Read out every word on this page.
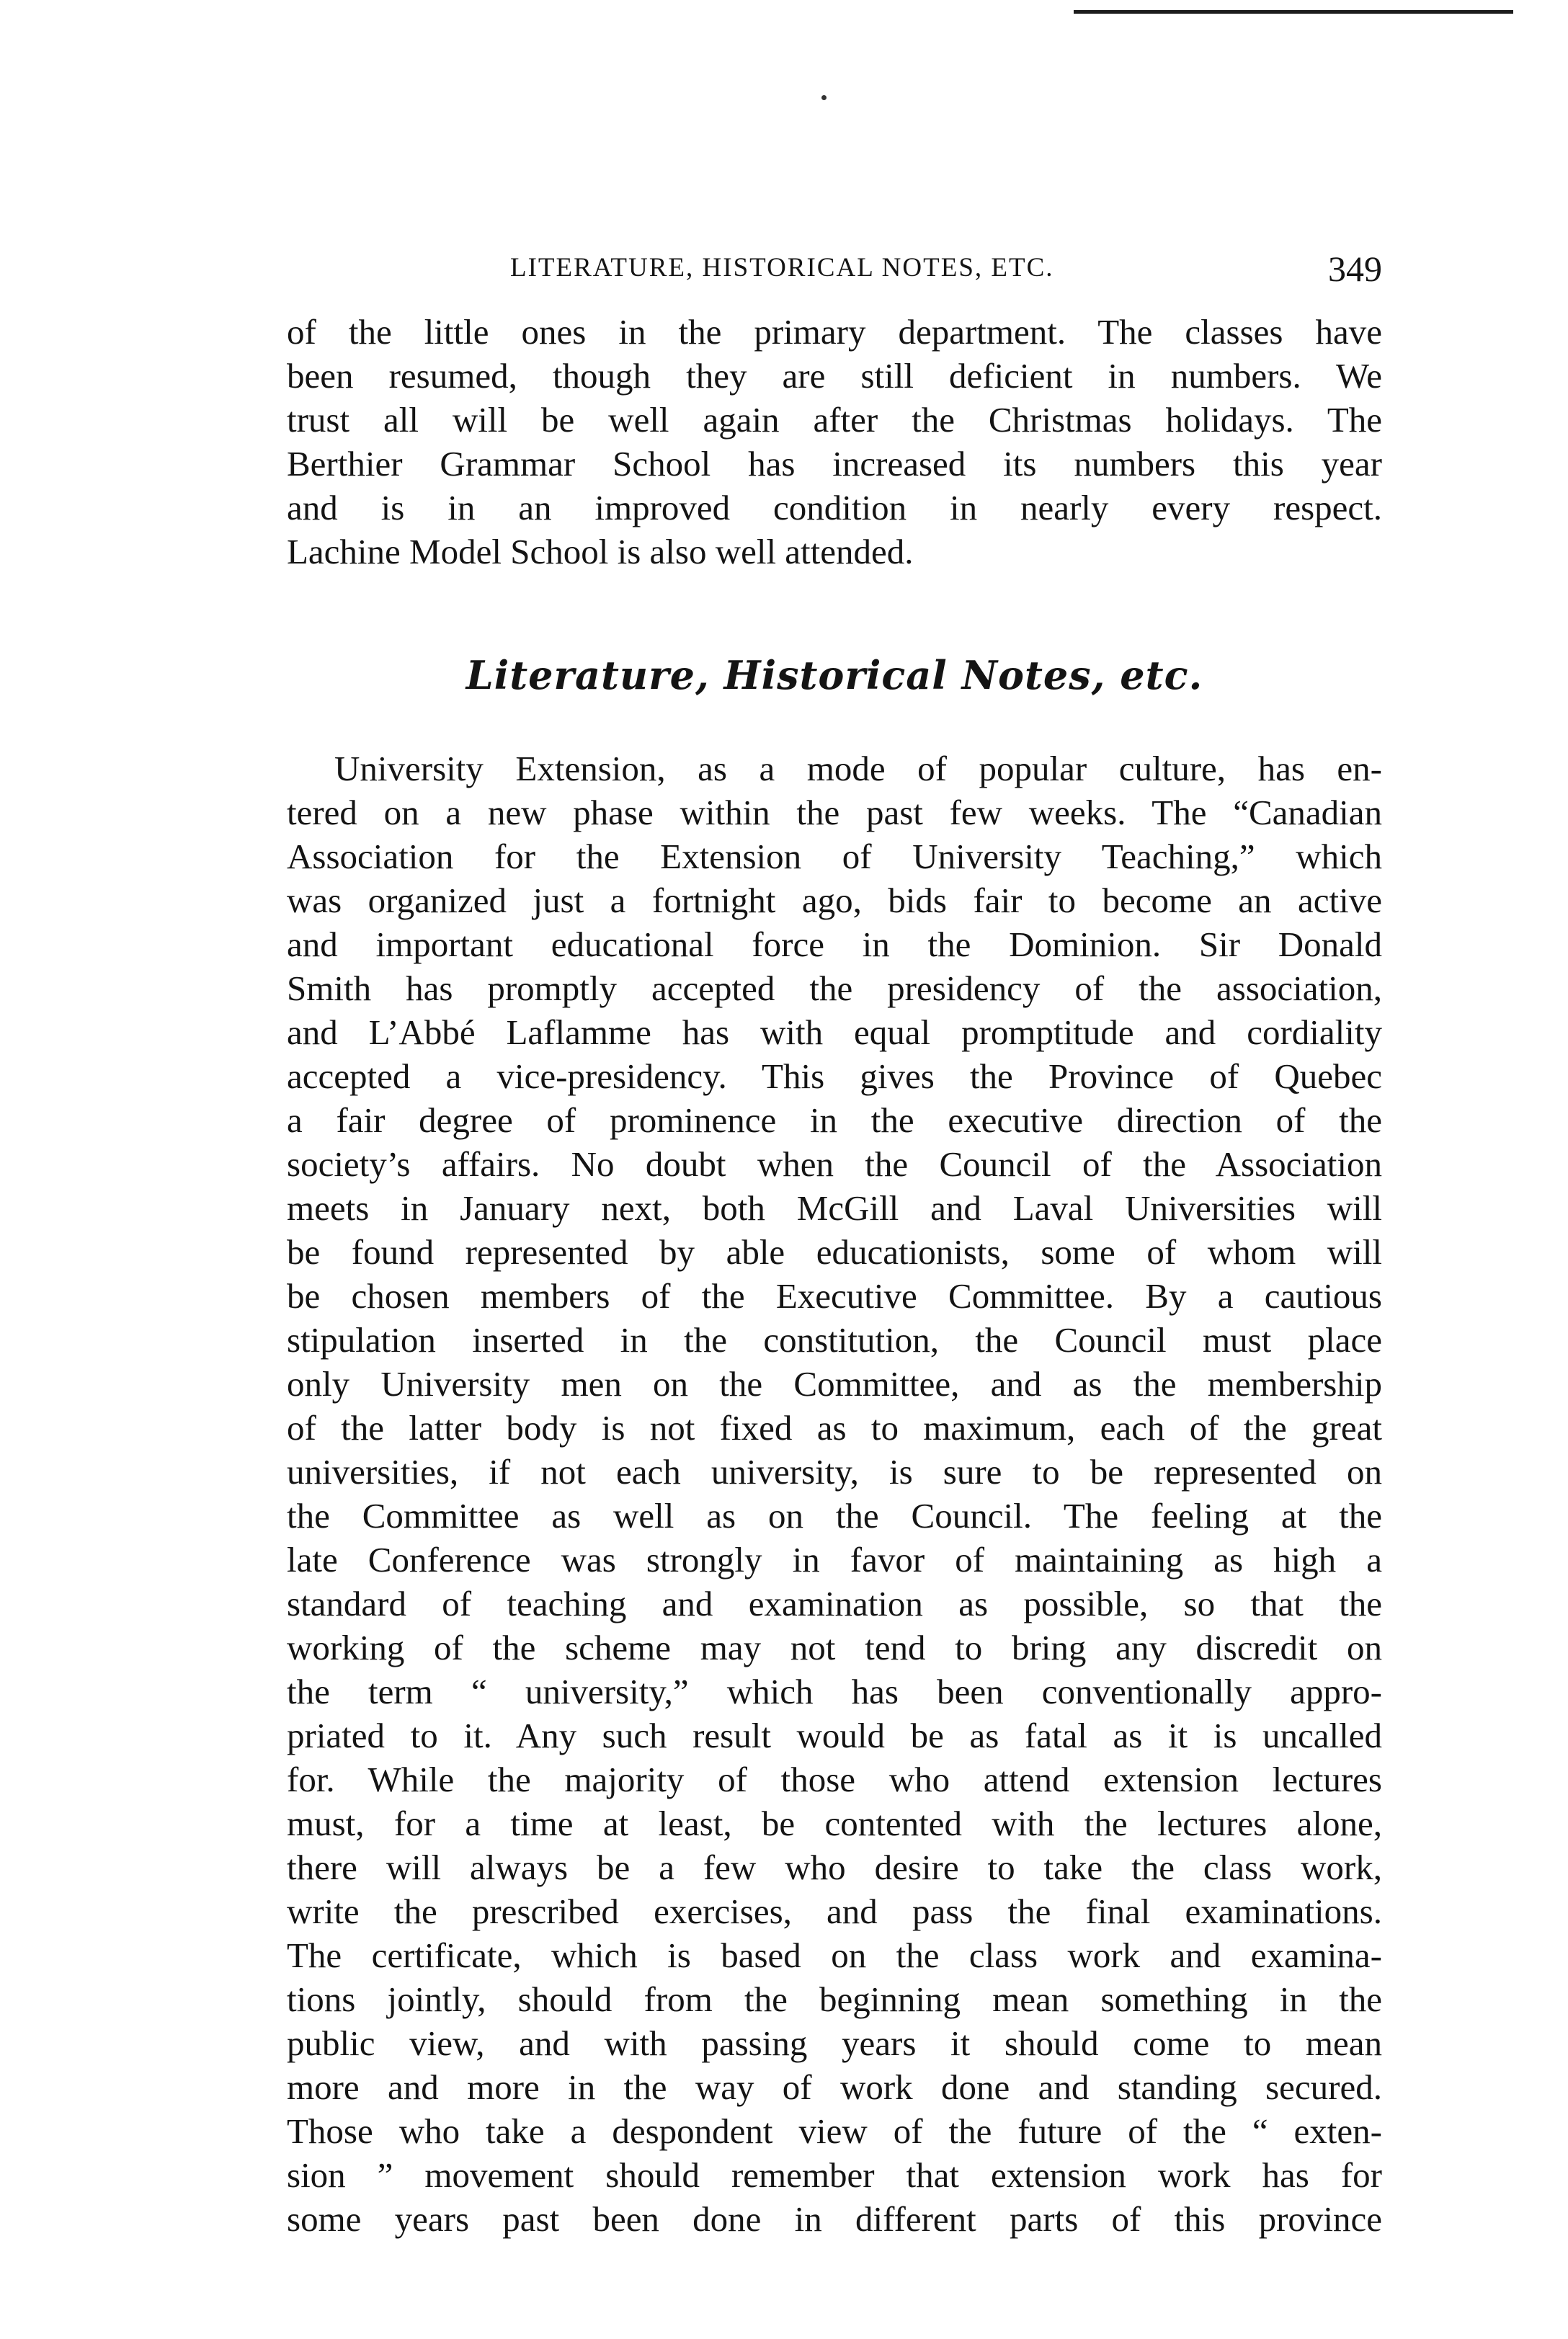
LITERATURE, HISTORICAL NOTES, ETC.	349
of the little ones in the primary department. The classes have
been resumed, though they are still deficient in numbers. We
trust all will be well again after the Christmas holidays. The
Berthier Grammar School has increased its numbers this year
and is in an improved condition in nearly every respect.
Lachine Model School is also well attended.
Literature, Historical Notes, etc.
University Extension, as a mode of popular culture, has en-
tered on a new phase within the past few weeks. The “Canadian
Association for the Extension of University Teaching,” which
was organized just a fortnight ago, bids fair to become an active
and important educational force in the Dominion. Sir Donald
Smith has promptly accepted the presidency of the association,
and L’Abbé Laflamme has with equal promptitude and cordiality
accepted a vice-presidency. This gives the Province of Quebec
a fair degree of prominence in the executive direction of the
society’s affairs. No doubt when the Council of the Association
meets in January next, both McGill and Laval Universities will
be found represented by able educationists, some of whom will
be chosen members of the Executive Committee. By a cautious
stipulation inserted in the constitution, the Council must place
only University men on the Committee, and as the membership
of the latter body is not fixed as to maximum, each of the great
universities, if not each university, is sure to be represented on
the Committee as well as on the Council. The feeling at the
late Conference was strongly in favor of maintaining as high a
standard of teaching and examination as possible, so that the
working of the scheme may not tend to bring any discredit on
the term “ university,” which has been conventionally appro-
priated to it. Any such result would be as fatal as it is uncalled
for. While the majority of those who attend extension lectures
must, for a time at least, be contented with the lectures alone,
there will always be a few who desire to take the class work,
write the prescribed exercises, and pass the final examinations.
The certificate, which is based on the class work and examina-
tions jointly, should from the beginning mean something in the
public view, and with passing years it should come to mean
more and more in the way of work done and standing secured.
Those who take a despondent view of the future of the “ exten-
sion ” movement should remember that extension work has for
some years past been done in different parts of this province
